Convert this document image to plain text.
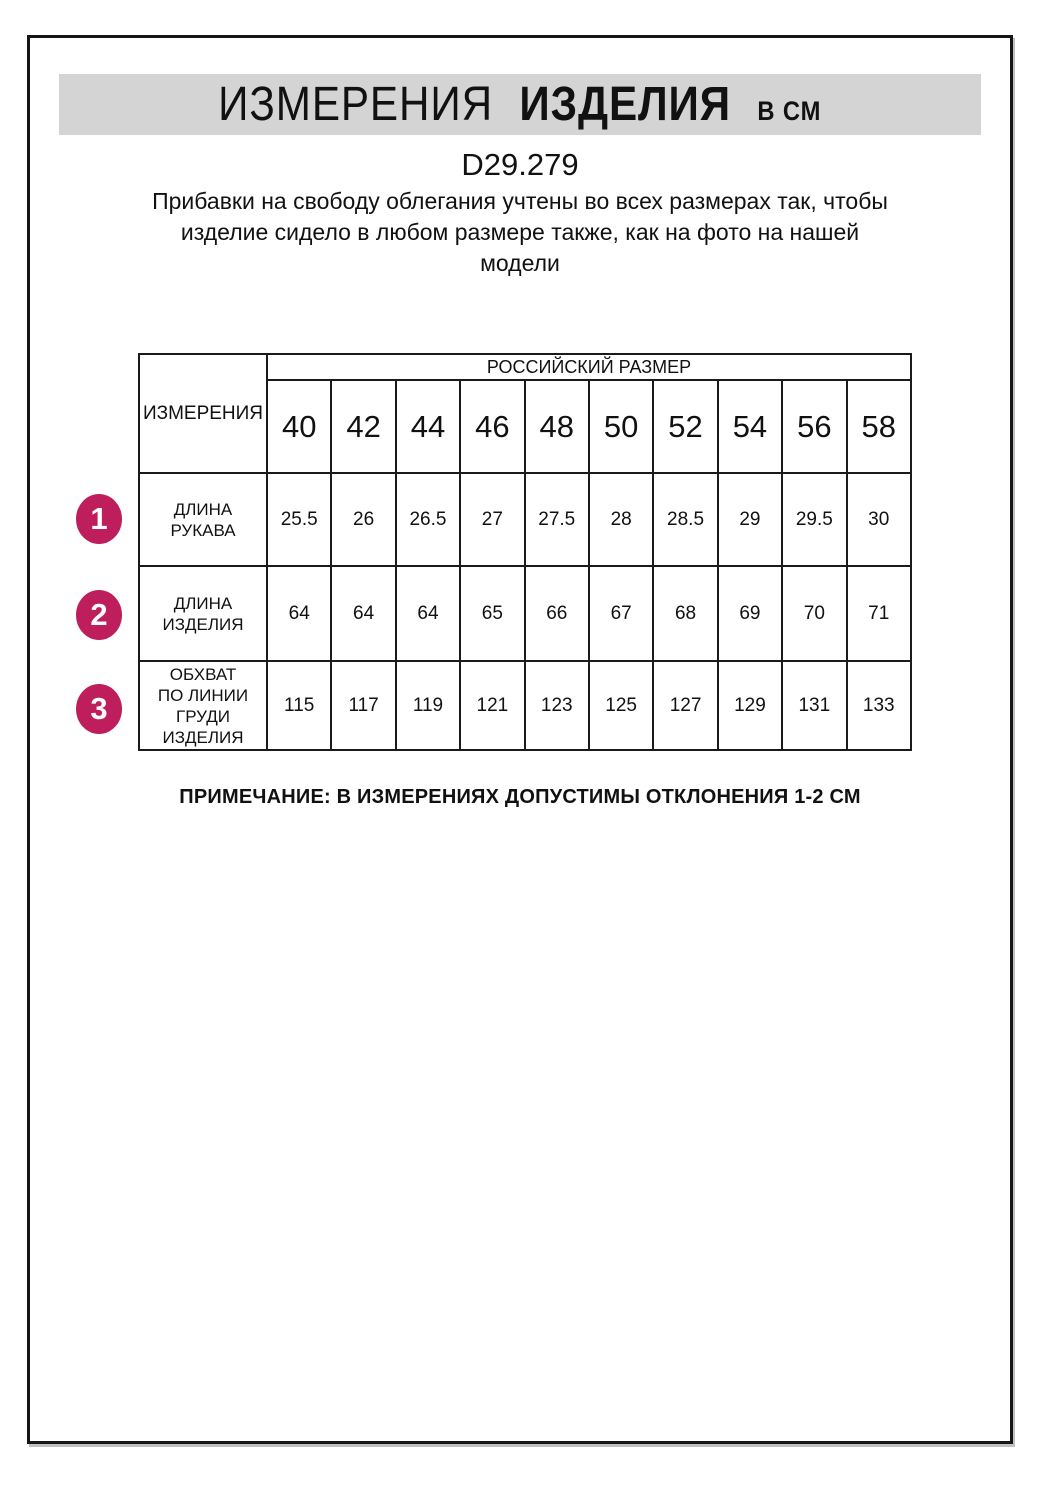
ИЗМЕРЕНИЯ ИЗДЕЛИЯ В СМ
D29.279
Прибавки на свободу облегания учтены во всех размерах так, чтобы
изделие сидело в любом размере также, как на фото на нашей
модели
1
2
3
ИЗМЕРЕНИЯ	РОССИЙСКИЙ РАЗМЕР									
	40	42	44	46	48	50	52	54	56	58
ДЛИНА РУКАВА	25.5	26	26.5	27	27.5	28	28.5	29	29.5	30
ДЛИНА ИЗДЕЛИЯ	64	64	64	65	66	67	68	69	70	71
ОБХВАТ ПО ЛИНИИ ГРУДИ ИЗДЕЛИЯ	115	117	119	121	123	125	127	129	131	133
ПРИМЕЧАНИЕ: В ИЗМЕРЕНИЯХ ДОПУСТИМЫ ОТКЛОНЕНИЯ 1-2 СМ
